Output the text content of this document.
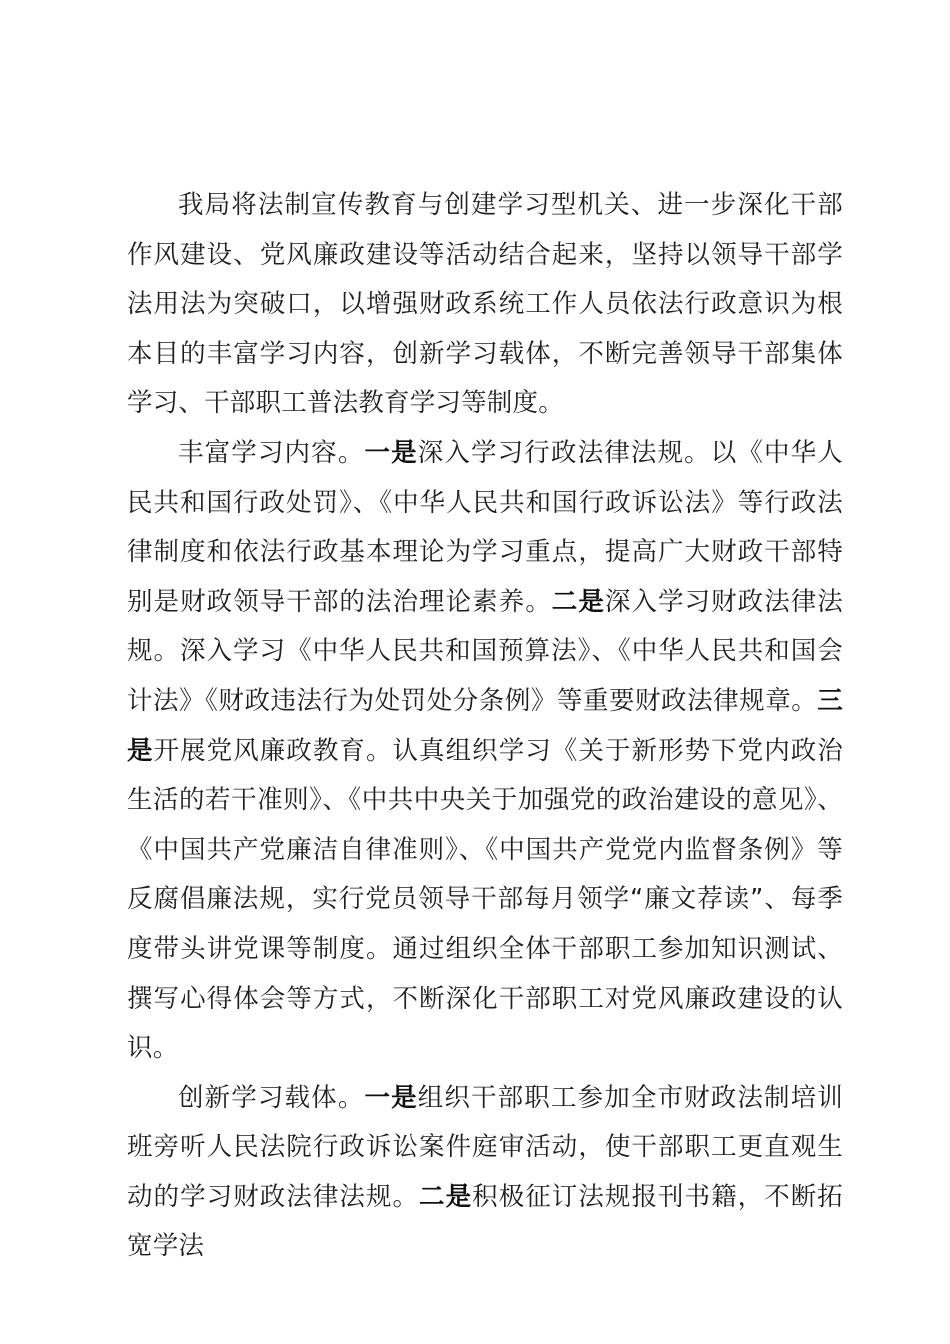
我局将法制宣传教育与创建学习型机关、进一步深化干部作风建设、党风廉政建设等活动结合起来，坚持以领导干部学法用法为突破口，以增强财政系统工作人员依法行政意识为根本目的丰富学习内容，创新学习载体，不断完善领导干部集体学习、干部职工普法教育学习等制度。

丰富学习内容。一是深入学习行政法律法规。以《中华人民共和国行政处罚》、《中华人民共和国行政诉讼法》等行政法律制度和依法行政基本理论为学习重点，提高广大财政干部特别是财政领导干部的法治理论素养。二是深入学习财政法律法规。深入学习《中华人民共和国预算法》、《中华人民共和国会计法》《财政违法行为处罚处分条例》等重要财政法律规章。三是开展党风廉政教育。认真组织学习《关于新形势下党内政治生活的若干准则》、《中共中央关于加强党的政治建设的意见》、《中国共产党廉洁自律准则》、《中国共产党党内监督条例》等反腐倡廉法规，实行党员领导干部每月领学“廉文荐读”、每季度带头讲党课等制度。通过组织全体干部职工参加知识测试、撰写心得体会等方式，不断深化干部职工对党风廉政建设的认识。

创新学习载体。一是组织干部职工参加全市财政法制培训班旁听人民法院行政诉讼案件庭审活动，使干部职工更直观生动的学习财政法律法规。二是积极征订法规报刊书籍，不断拓宽学法
